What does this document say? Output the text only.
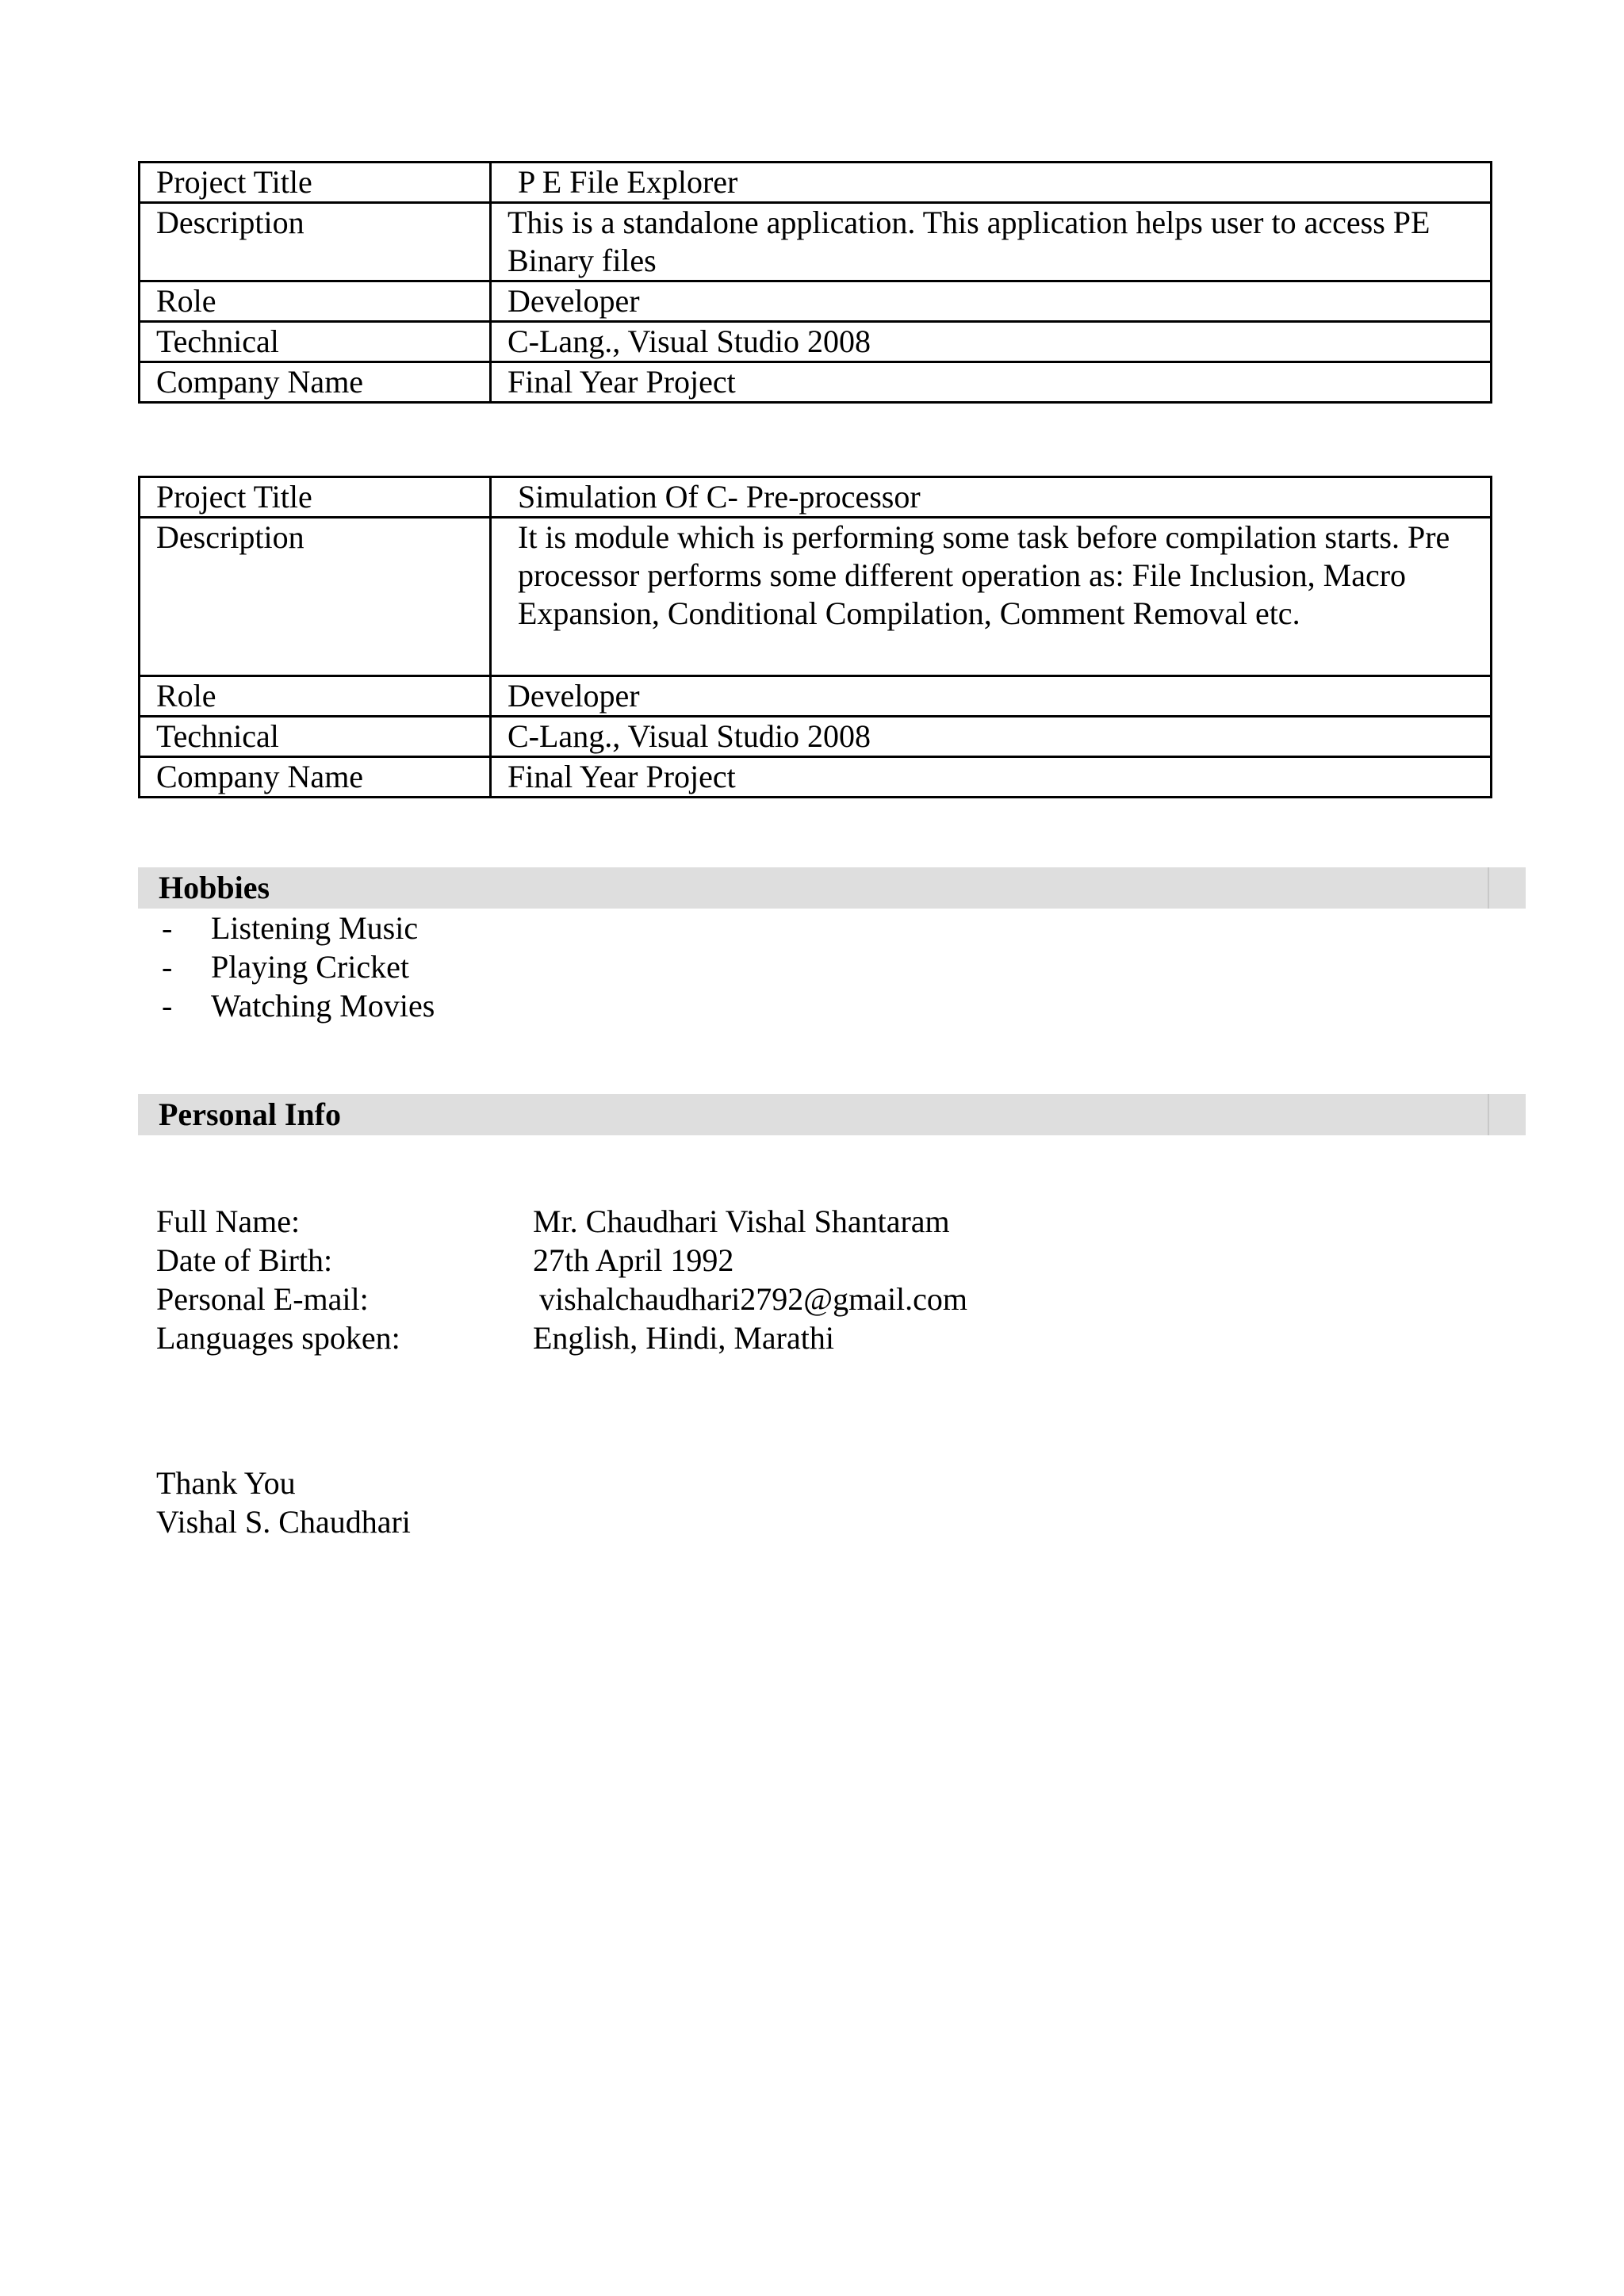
Project Title	P E File Explorer
Description	This is a standalone application. This application helps user to access PE Binary files
Role	Developer
Technical	C-Lang., Visual Studio 2008
Company Name	Final Year Project
Project Title	Simulation Of C- Pre-processor
Description	It is module which is performing some task before compilation starts. Pre processor performs some different operation as: File Inclusion, Macro Expansion, Conditional Compilation, Comment Removal etc.
Role	Developer
Technical	C-Lang., Visual Studio 2008
Company Name	Final Year Project
Hobbies
- Listening Music
- Playing Cricket
- Watching Movies
Personal Info
Full Name:	Mr. Chaudhari Vishal Shantaram
Date of Birth:	27th April 1992
Personal E-mail:	vishalchaudhari2792@gmail.com
Languages spoken:	English, Hindi, Marathi
Thank You
Vishal S. Chaudhari
